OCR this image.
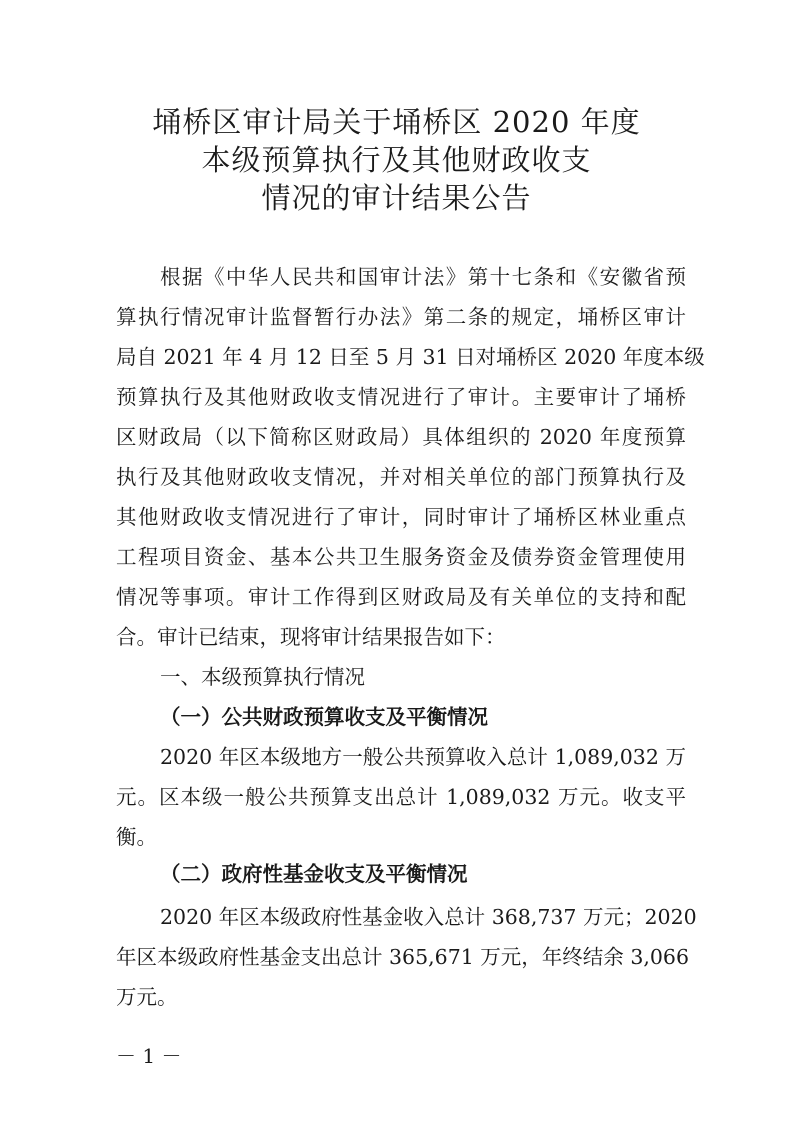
埇桥区审计局关于埇桥区 2020 年度
本级预算执行及其他财政收支
情况的审计结果公告
根据《中华人民共和国审计法》第十七条和《安徽省预
算执行情况审计监督暂行办法》第二条的规定，埇桥区审计
局自 2021 年 4 月 12 日至 5 月 31 日对埇桥区 2020 年度本级
预算执行及其他财政收支情况进行了审计。主要审计了埇桥
区财政局（以下简称区财政局）具体组织的 2020 年度预算
执行及其他财政收支情况，并对相关单位的部门预算执行及
其他财政收支情况进行了审计，同时审计了埇桥区林业重点
工程项目资金、基本公共卫生服务资金及债券资金管理使用
情况等事项。审计工作得到区财政局及有关单位的支持和配
合。审计已结束，现将审计结果报告如下：
一、本级预算执行情况
（一）公共财政预算收支及平衡情况
2020 年区本级地方一般公共预算收入总计 1,089,032 万
元。区本级一般公共预算支出总计 1,089,032 万元。收支平
衡。
（二）政府性基金收支及平衡情况
2020 年区本级政府性基金收入总计 368,737 万元；2020
年区本级政府性基金支出总计 365,671 万元，年终结余 3,066
万元。
－ 1 －
